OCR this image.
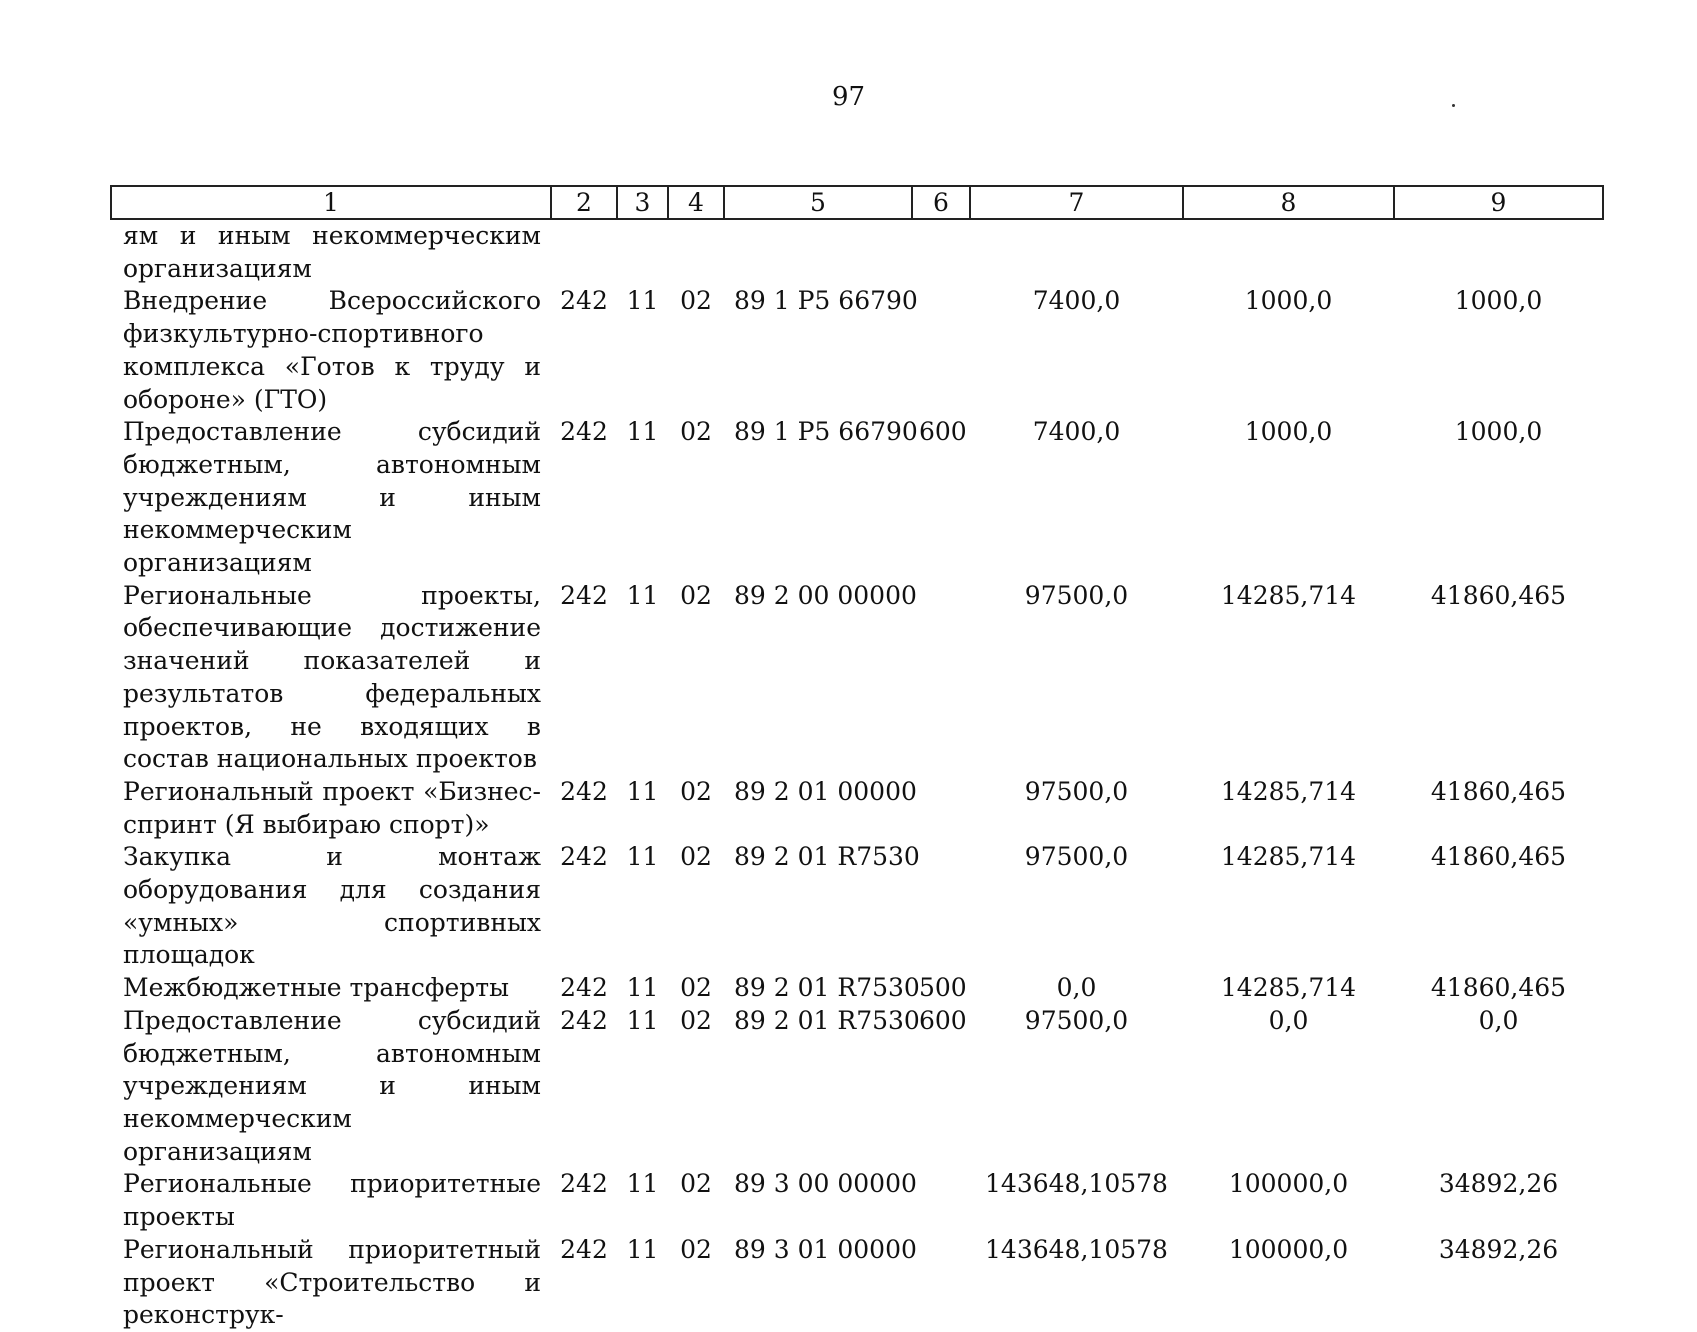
97
1	2	3	4	5	6	7	8	9
ям и иным некоммерческим организациям								
Внедрение Всероссийского физкультурно-спортивного комплекса «Готов к труду и обороне» (ГТО)	242	11	02	89 1 P5 66790		7400,0	1000,0	1000,0
Предоставление субсидий бюджетным, автономным учреждениям и иным некоммерческим организациям	242	11	02	89 1 P5 66790	600	7400,0	1000,0	1000,0
Региональные проекты, обеспечивающие достижение значений показателей и результатов федеральных проектов, не входящих в состав национальных проектов	242	11	02	89 2 00 00000		97500,0	14285,714	41860,465
Региональный проект «Бизнес-спринт (Я выбираю спорт)»	242	11	02	89 2 01 00000		97500,0	14285,714	41860,465
Закупка и монтаж оборудования для создания «умных» спортивных площадок	242	11	02	89 2 01 R7530		97500,0	14285,714	41860,465
Межбюджетные трансферты	242	11	02	89 2 01 R7530	500	0,0	14285,714	41860,465
Предоставление субсидий бюджетным, автономным учреждениям и иным некоммерческим организациям	242	11	02	89 2 01 R7530	600	97500,0	0,0	0,0
Региональные приоритетные проекты	242	11	02	89 3 00 00000		143648,10578	100000,0	34892,26
Региональный приоритетный проект «Строительство и реконструк-	242	11	02	89 3 01 00000		143648,10578	100000,0	34892,26
